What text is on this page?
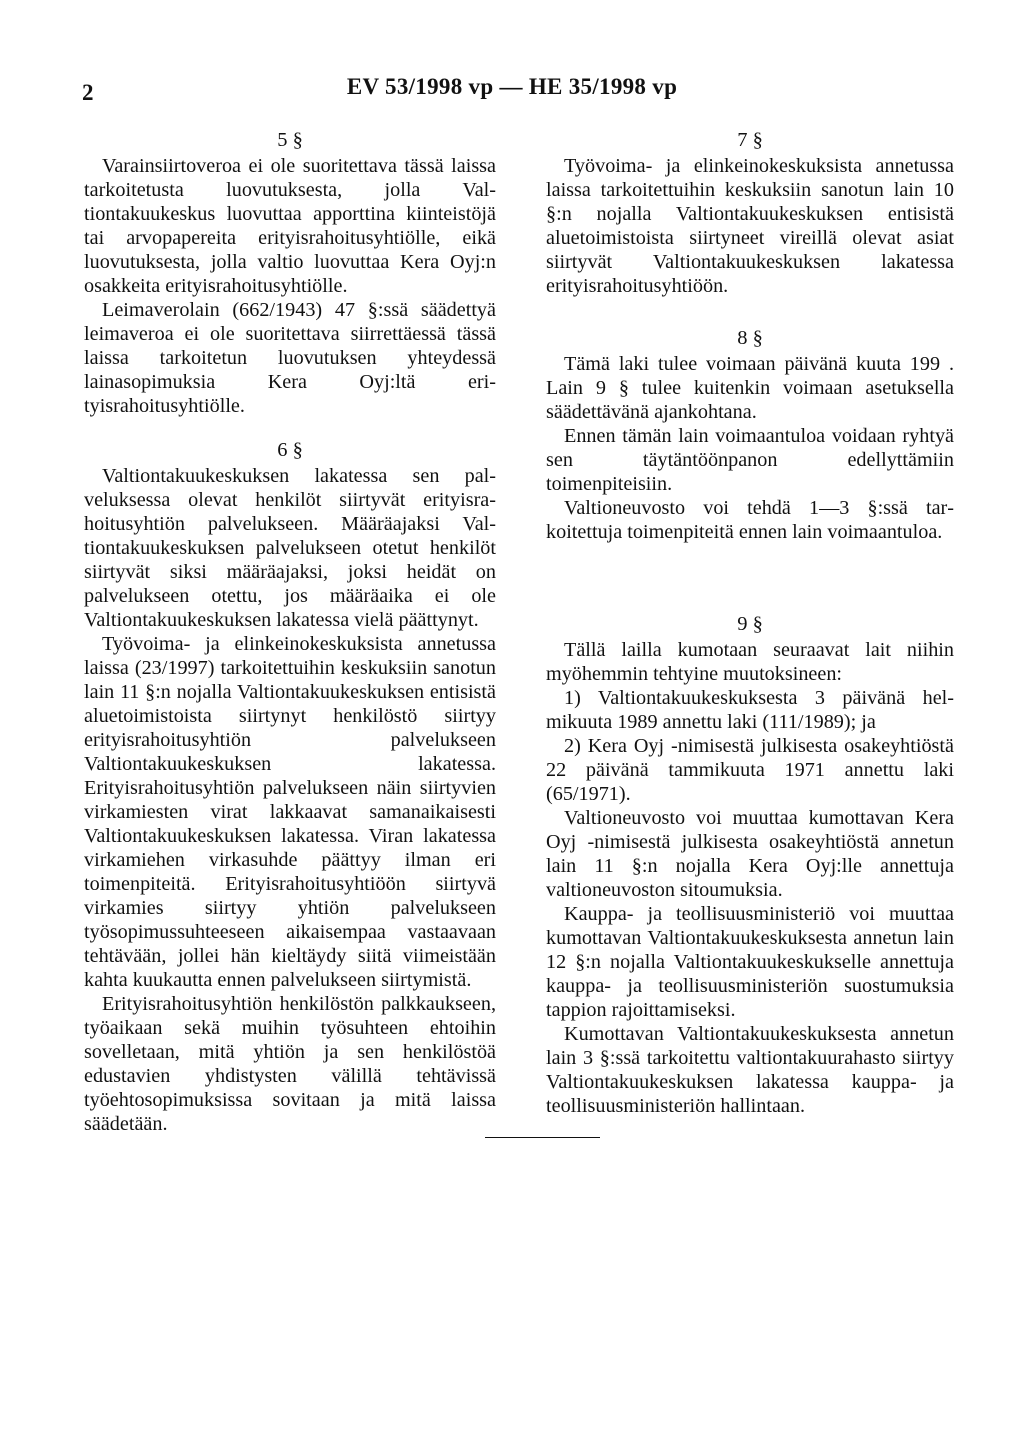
2	EV 53/1998 vp — HE 35/1998 vp
5 §

Varainsiirtoveroa ei ole suoritettava tässä laissa tarkoitetusta luovutuksesta, jolla Valtiontakuukeskus luovuttaa apporttina kiinteistöjä tai arvopapereita erityisrahoitusyhtiölle, eikä luovutuksesta, jolla valtio luovuttaa Kera Oyj:n osakkeita erityisrahoitusyhtiölle.

Leimaverolain (662/1943) 47 §:ssä säädettyä leimaveroa ei ole suoritettava siirrettäessä tässä laissa tarkoitetun luovutuksen yhteydessä lainasopimuksia Kera Oyj:ltä erityisrahoitusyhtiölle.

6 §

Valtiontakuukeskuksen lakatessa sen palveluksessa olevat henkilöt siirtyvät erityisrahoitusyhtiön palvelukseen. Määräajaksi Valtiontakuukeskuksen palvelukseen otetut henkilöt siirtyvät siksi määräajaksi, joksi heidät on palvelukseen otettu, jos määräaika ei ole Valtiontakuukeskuksen lakatessa vielä päättynyt.

Työvoima- ja elinkeinokeskuksista annetussa laissa (23/1997) tarkoitettuihin keskuksiin sanotun lain 11 §:n nojalla Valtiontakuukeskuksen entisistä aluetoimistoista siirtynyt henkilöstö siirtyy erityisrahoitusyhtiön palvelukseen Valtiontakuukeskuksen lakatessa. Erityisrahoitusyhtiön palvelukseen näin siirtyvien virkamiesten virat lakkaavat samanaikaisesti Valtiontakuukeskuksen lakatessa. Viran lakatessa virkamiehen virkasuhde päättyy ilman eri toimenpiteitä. Erityisrahoitusyhtiöön siirtyvä virkamies siirtyy yhtiön palvelukseen työsopimussuhteeseen aikaisempaa vastaavaan tehtävään, jollei hän kieltäydy siitä viimeistään kahta kuukautta ennen palvelukseen siirtymistä.

Erityisrahoitusyhtiön henkilöstön palkkaukseen, työaikaan sekä muihin työsuhteen ehtoihin sovelletaan, mitä yhtiön ja sen henkilöstöä edustavien yhdistysten välillä tehtävissä työehtosopimuksissa sovitaan ja mitä laissa säädetään.

7 §

Työvoima- ja elinkeinokeskuksista annetussa laissa tarkoitettuihin keskuksiin sanotun lain 10 §:n nojalla Valtiontakuukeskuksen entisistä aluetoimistoista siirtyneet vireillä olevat asiat siirtyvät Valtiontakuukeskuksen lakatessa erityisrahoitusyhtiöön.

8 §

Tämä laki tulee voimaan päivänä kuuta 199 . Lain 9 § tulee kuitenkin voimaan asetuksella säädettävänä ajankohtana.

Ennen tämän lain voimaantuloa voidaan ryhtyä sen täytäntöönpanon edellyttämiin toimenpiteisiin.

Valtioneuvosto voi tehdä 1—3 §:ssä tarkoitettuja toimenpiteitä ennen lain voimaantuloa.

9 §

Tällä lailla kumotaan seuraavat lait niihin myöhemmin tehtyine muutoksineen:

1) Valtiontakuukeskuksesta 3 päivänä helmikuuta 1989 annettu laki (111/1989); ja

2) Kera Oyj -nimisestä julkisesta osakeyhtiöstä 22 päivänä tammikuuta 1971 annettu laki (65/1971).

Valtioneuvosto voi muuttaa kumottavan Kera Oyj -nimisestä julkisesta osakeyhtiöstä annetun lain 11 §:n nojalla Kera Oyj:lle annettuja valtioneuvoston sitoumuksia.

Kauppa- ja teollisuusministeriö voi muuttaa kumottavan Valtiontakuukeskuksesta annetun lain 12 §:n nojalla Valtiontakuukeskukselle annettuja kauppa- ja teollisuusministeriön suostumuksia tappion rajoittamiseksi.

Kumottavan Valtiontakuukeskuksesta annetun lain 3 §:ssä tarkoitettu valtiontakuurahasto siirtyy Valtiontakuukeskuksen lakatessa kauppa- ja teollisuusministeriön hallintaan.
